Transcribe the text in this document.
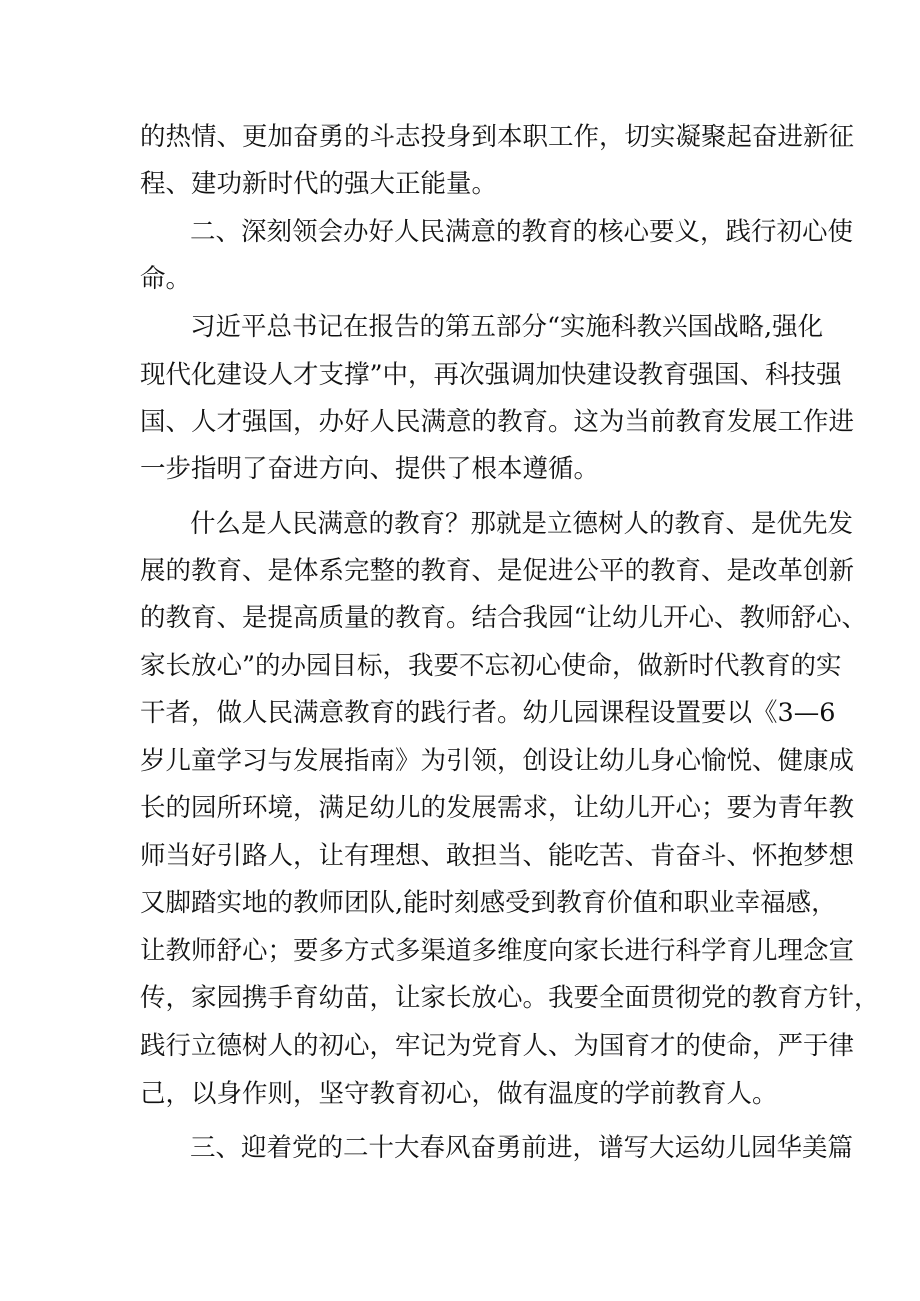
的热情、更加奋勇的斗志投身到本职工作，切实凝聚起奋进新征
程、建功新时代的强大正能量。
二、深刻领会办好人民满意的教育的核心要义，践行初心使
命。
习近平总书记在报告的第五部分“实施科教兴国战略,强化
现代化建设人才支撑”中，再次强调加快建设教育强国、科技强
国、人才强国，办好人民满意的教育。这为当前教育发展工作进
一步指明了奋进方向、提供了根本遵循。
什么是人民满意的教育？那就是立德树人的教育、是优先发
展的教育、是体系完整的教育、是促进公平的教育、是改革创新
的教育、是提高质量的教育。结合我园“让幼儿开心、教师舒心、
家长放心”的办园目标，我要不忘初心使命，做新时代教育的实
干者，做人民满意教育的践行者。幼儿园课程设置要以《3—6
岁儿童学习与发展指南》为引领，创设让幼儿身心愉悦、健康成
长的园所环境，满足幼儿的发展需求，让幼儿开心；要为青年教
师当好引路人，让有理想、敢担当、能吃苦、肯奋斗、怀抱梦想
又脚踏实地的教师团队,能时刻感受到教育价值和职业幸福感，
让教师舒心；要多方式多渠道多维度向家长进行科学育儿理念宣
传，家园携手育幼苗，让家长放心。我要全面贯彻党的教育方针，
践行立德树人的初心，牢记为党育人、为国育才的使命，严于律
己，以身作则，坚守教育初心，做有温度的学前教育人。
三、迎着党的二十大春风奋勇前进，谱写大运幼儿园华美篇
